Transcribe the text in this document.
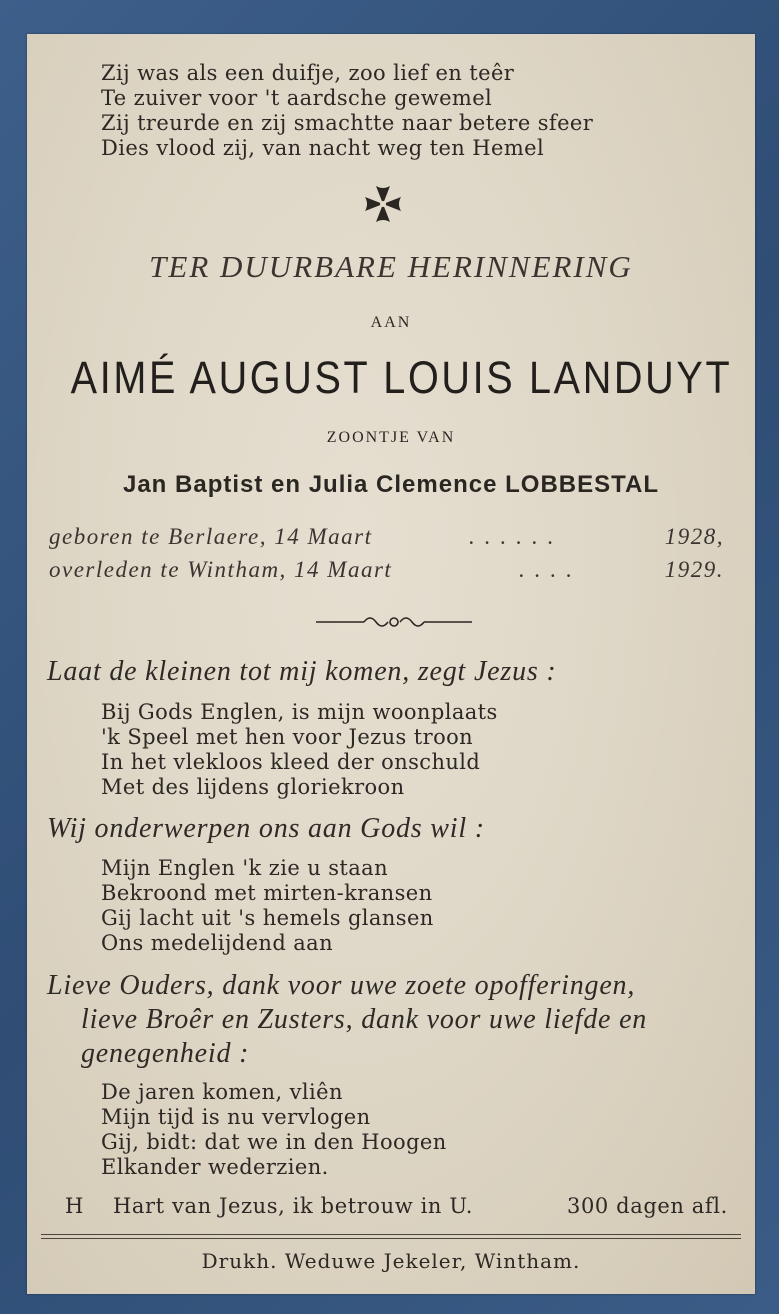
Zij was als een duifje, zoo lief en teêr
Te zuiver voor 't aardsche gewemel
Zij treurde en zij smachtte naar betere sfeer
Dies vlood zij, van nacht weg ten Hemel
TER DUURBARE HERINNERING
AAN
AIMÉ AUGUST LOUIS LANDUYT
ZOONTJE VAN
Jan Baptist en Julia Clemence LOBBESTAL
geboren te Berlaere, 14 Maart	......	1928,
overleden te Wintham, 14 Maart	....	1929.
Laat de kleinen tot mij komen, zegt Jezus :
Bij Gods Englen, is mijn woonplaats
'k Speel met hen voor Jezus troon
In het vlekloos kleed der onschuld
Met des lijdens gloriekroon
Wij onderwerpen ons aan Gods wil :
Mijn Englen 'k zie u staan
Bekroond met mirten-kransen
Gij lacht uit 's hemels glansen
Ons medelijdend aan
Lieve Ouders, dank voor uwe zoete opofferingen,
lieve Broêr en Zusters, dank voor uwe liefde en
genegenheid :
De jaren komen, vliên
Mijn tijd is nu vervlogen
Gij, bidt: dat we in den Hoogen
Elkander wederzien.
H Hart van Jezus, ik betrouw in U.	300 dagen afl.
Drukh. Weduwe Jekeler, Wintham.
